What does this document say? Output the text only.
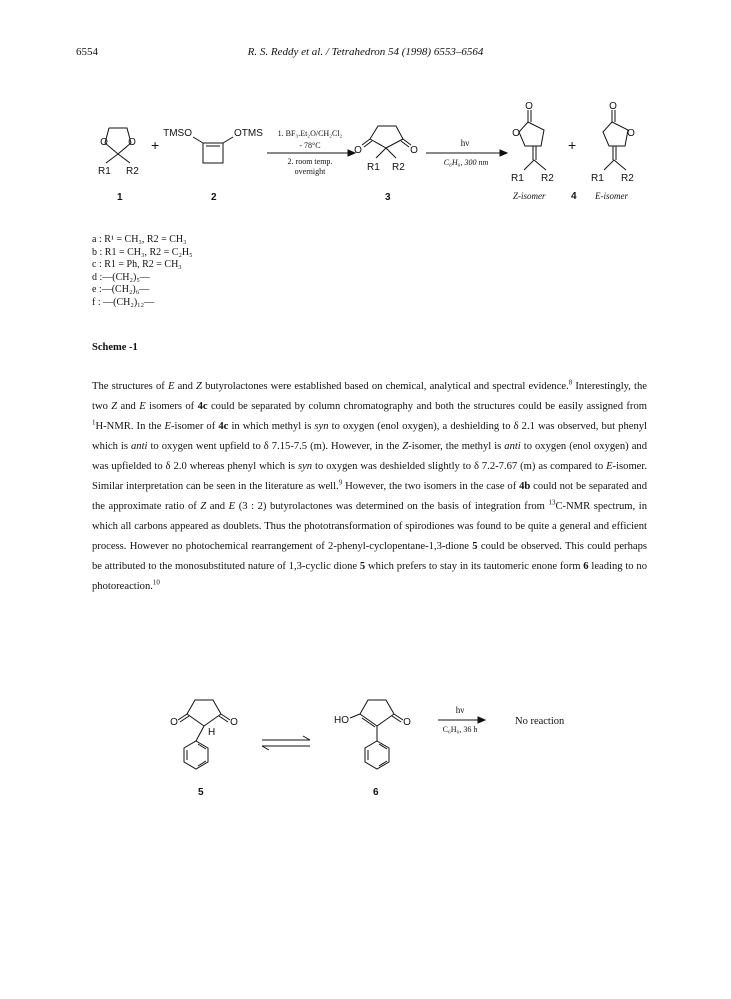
6554	R. S. Reddy et al. / Tetrahedron 54 (1998) 6553–6564
O O
R1 R2
+
1
TMSO	OTMS
2
1. BF₃.Et₂O/CH₂Cl₂
- 78°C
2. room temp.
overnight
O	O
R1 R2
3
hν
C₆H₆, 300 nm
O
O
R1 R2
Z-isomer
+
4
O
O
R1 R2
E-isomer
a : R¹ = CH₃, R2 = CH₃
b : R1 = CH₃, R2 = C₂H₅
c : R1 = Ph, R2 = CH₃
d :—(CH₂)₅—
e :—(CH₂)₆—
f : —(CH₂)₁₂—
Scheme -1

The structures of E and Z butyrolactones were established based on chemical, analytical and spectral evidence.$^8$ Interestingly, the two Z and E isomers of 4c could be separated by column chromatography and both the structures could be easily assigned from $^1$H-NMR. In the E-isomer of 4c in which methyl is syn to oxygen (enol oxygen), a deshielding to δ 2.1 was observed, but phenyl which is anti to oxygen went upfield to δ 7.15-7.5 (m). However, in the Z-isomer, the methyl is anti to oxygen (enol oxygen) and was upfielded to δ 2.0 whereas phenyl which is syn to oxygen was deshielded slightly to δ 7.2-7.67 (m) as compared to E-isomer. Similar interpretation can be seen in the literature as well.$^9$ However, the two isomers in the case of 4b could not be separated and the approximate ratio of Z and E (3 : 2) butyrolactones was determined on the basis of integration from $^{13}$C-NMR spectrum, in which all carbons appeared as doublets. Thus the phototransformation of spirodiones was found to be quite a general and efficient process. However no photochemical rearrangement of 2-phenyl-cyclopentane-1,3-dione 5 could be observed. This could perhaps be attributed to the monosubstituted nature of 1,3-cyclic dione 5 which prefers to stay in its tautomeric enone form 6 leading to no photoreaction.$^{10}$

O	O
H
5
HO	O
6
hν
C₆H₆, 36 h
No reaction
